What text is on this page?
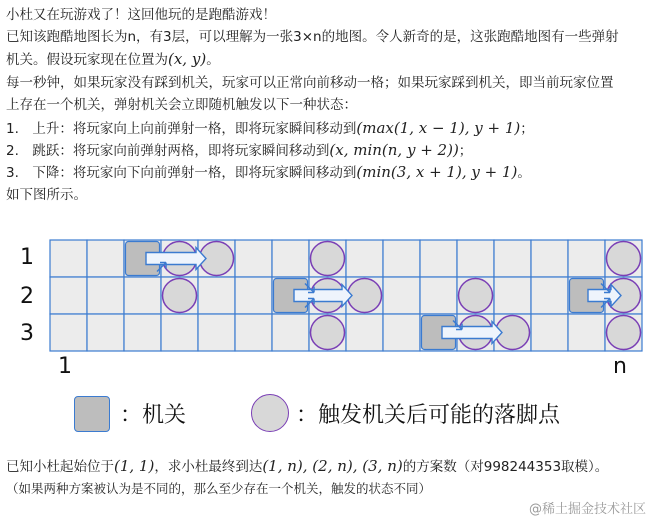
小杜又在玩游戏了！这回他玩的是跑酷游戏！
已知该跑酷地图长为n，有3层，可以理解为一张3×n的地图。令人新奇的是，这张跑酷地图有一些弹射
机关。假设玩家现在位置为(x, y)。
每一秒钟，如果玩家没有踩到机关，玩家可以正常向前移动一格；如果玩家踩到机关，即当前玩家位置
上存在一个机关，弹射机关会立即随机触发以下一种状态：
1.　上升：将玩家向上向前弹射一格，即将玩家瞬间移动到(max(1, x − 1), y + 1)；
2.　跳跃：将玩家向前弹射两格，即将玩家瞬间移动到(x, min(n, y + 2))；
3.　下降：将玩家向下向前弹射一格，即将玩家瞬间移动到(min(3, x + 1), y + 1)。
如下图所示。
1
2
3
1	n
：机关	：触发机关后可能的落脚点
已知小杜起始位于(1, 1)，求小杜最终到达(1, n), (2, n), (3, n)的方案数（对998244353取模）。
（如果两种方案被认为是不同的，那么至少存在一个机关，触发的状态不同）
@稀土掘金技术社区
